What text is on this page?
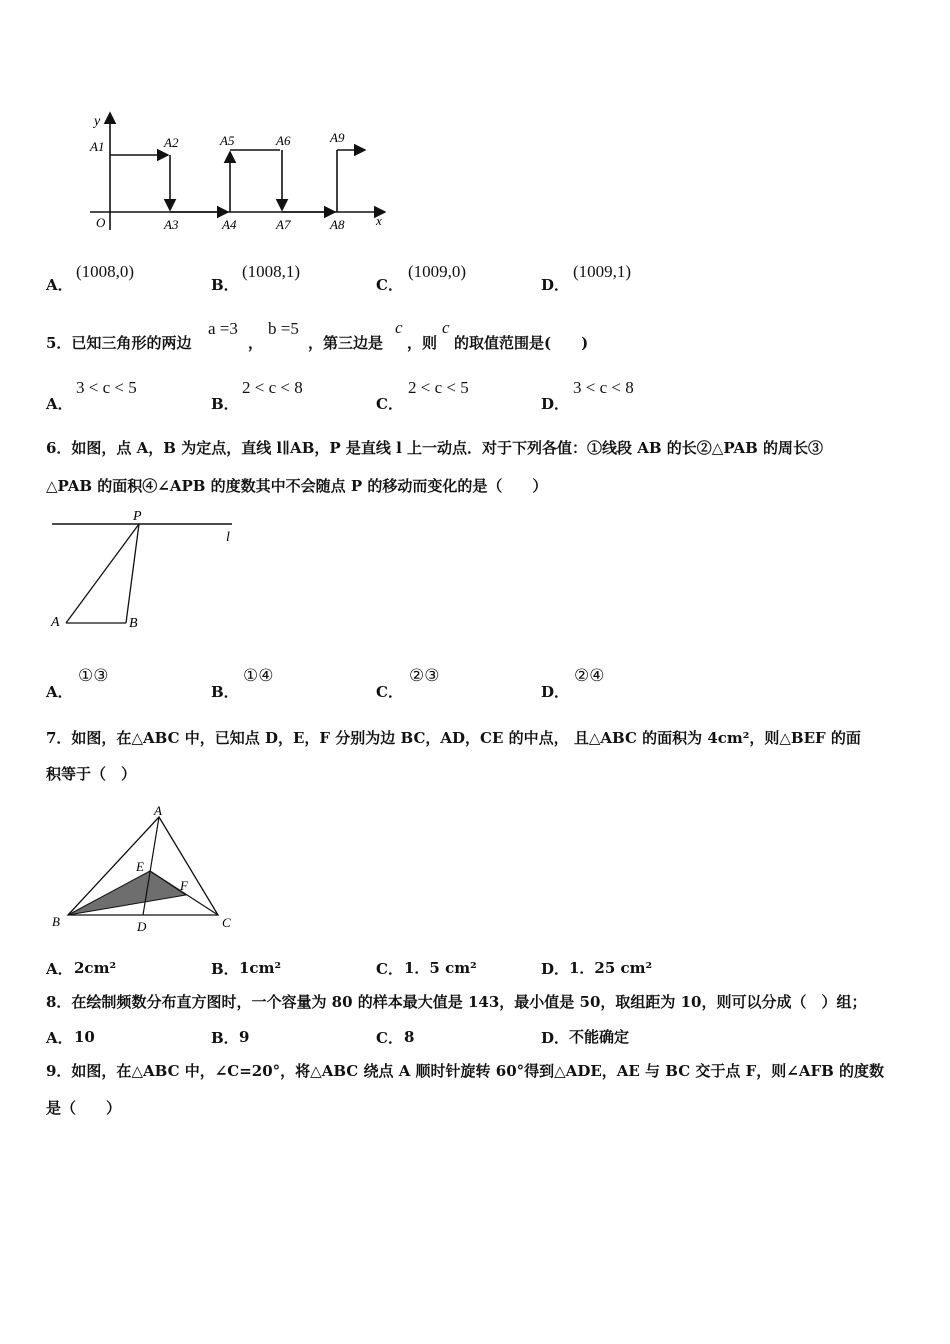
y
A1	A2	A5	A6	A9
O	A3	A4	A7	A8 x
A．
(1008,0)
B．
(1008,1)
C．
(1009,0)
D．
(1009,1)
5．已知三角形的两边
a =3
，
b =5
，第三边是
c
，则
c
的取值范围是(　　)
A．
3 < c < 5
B．
2 < c < 8
C．
2 < c < 5
D．
3 < c < 8
6．如图，点 A，B 为定点，直线 l∥AB，P 是直线 l 上一动点．对于下列各值：①线段 AB 的长②△PAB 的周长③
△PAB 的面积④∠APB 的度数其中不会随点 P 的移动而变化的是（　　）
P
l
A	B
A．
①③
B．
①④
C．
②③
D．
②④
7．如图，在△ABC 中，已知点 D，E，F 分别为边 BC，AD，CE 的中点， 且△ABC 的面积为 4cm²，则△BEF 的面
积等于（　）
A
B	C
D
E
F
A． 2cm²	B． 1cm²	C． 1．5 cm²	D． 1．25 cm²
8．在绘制频数分布直方图时，一个容量为 80 的样本最大值是 143，最小值是 50，取组距为 10，则可以分成（　）组；
A． 10	B． 9	C． 8	D． 不能确定
9．如图，在△ABC 中，∠C=20°，将△ABC 绕点 A 顺时针旋转 60°得到△ADE，AE 与 BC 交于点 F，则∠AFB 的度数
是（　　）
